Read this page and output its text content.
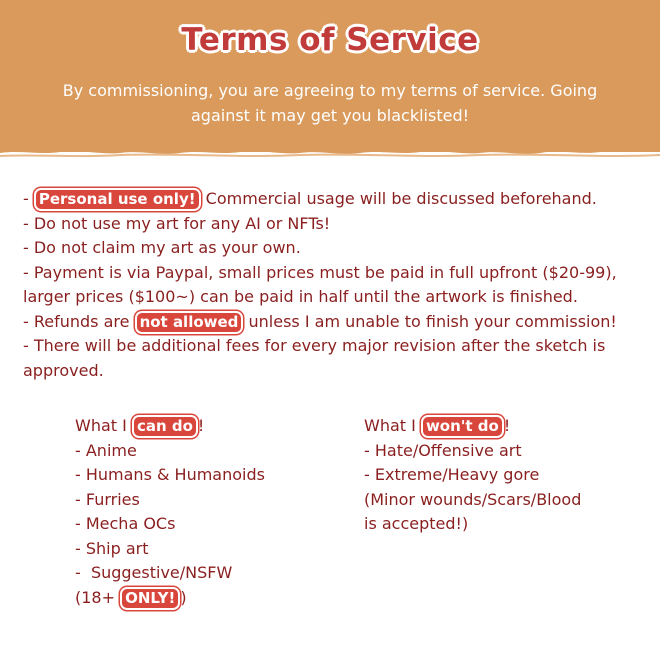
Terms of Service
By commissioning, you are agreeing to my terms of service. Going against it may get you blacklisted!

- Personal use only! Commercial usage will be discussed beforehand.

- Do not use my art for any AI or NFTs!

- Do not claim my art as your own.

- Payment is via Paypal, small prices must be paid in full upfront ($20-99), larger prices ($100~) can be paid in half until the artwork is finished.

- Refunds are not allowed unless I am unable to finish your commission!

- There will be additional fees for every major revision after the sketch is approved.

What I can do !

- Anime

- Humans & Humanoids

- Furries

- Mecha OCs

- Ship art

-  Suggestive/NSFW

(18+ ONLY! )

What I won't do !

- Hate/Offensive art

- Extreme/Heavy gore

(Minor wounds/Scars/Blood

is accepted!)
